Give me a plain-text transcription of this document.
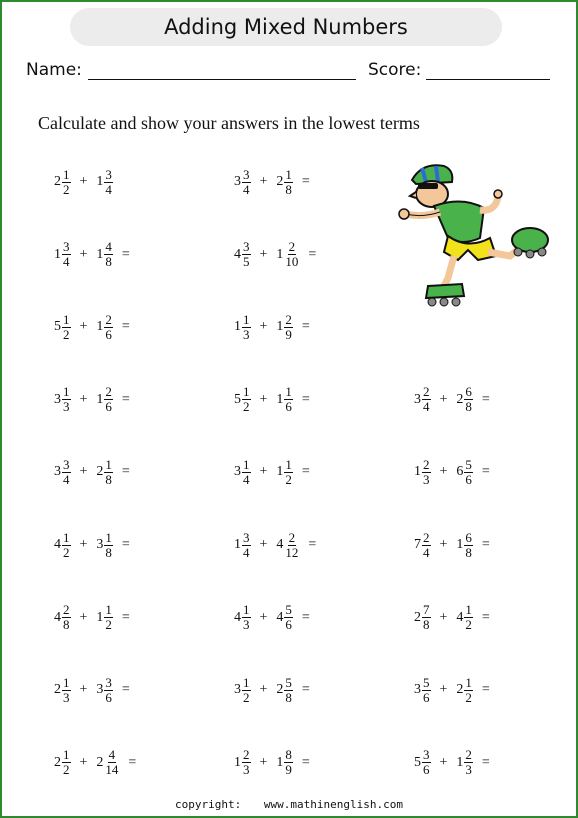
Adding Mixed Numbers
Name:	Score:
Calculate and show your answers in the lowest terms
$2 \frac{1}{2} + 1 \frac{3}{4}$	$3 \frac{3}{4} + 2 \frac{1}{8}$ =
$1 \frac{3}{4} + 1 \frac{4}{8}$ =	$4 \frac{3}{5} + 1 \frac{2}{10}$ =
$5 \frac{1}{2} + 1 \frac{2}{6}$ =	$1 \frac{1}{3} + 1 \frac{2}{9}$ =
$3 \frac{1}{3} + 1 \frac{2}{6}$ =	$5 \frac{1}{2} + 1 \frac{1}{6}$ =	$3 \frac{2}{4} + 2 \frac{6}{8}$ =
$3 \frac{3}{4} + 2 \frac{1}{8}$ =	$3 \frac{1}{4} + 1 \frac{1}{2}$ =	$1 \frac{2}{3} + 6 \frac{5}{6}$ =
$4 \frac{1}{2} + 3 \frac{1}{8}$ =	$1 \frac{3}{4} + 4 \frac{2}{12}$ =	$7 \frac{2}{4} + 1 \frac{6}{8}$ =
$4 \frac{2}{8} + 1 \frac{1}{2}$ =	$4 \frac{1}{3} + 4 \frac{5}{6}$ =	$2 \frac{7}{8} + 4 \frac{1}{2}$ =
$2 \frac{1}{3} + 3 \frac{3}{6}$ =	$3 \frac{1}{2} + 2 \frac{5}{8}$ =	$3 \frac{5}{6} + 2 \frac{1}{2}$ =
$2 \frac{1}{2} + 2 \frac{4}{14}$ =	$1 \frac{2}{3} + 1 \frac{8}{9}$ =	$5 \frac{3}{6} + 1 \frac{2}{3}$ =
copyright: www.mathinenglish.com
